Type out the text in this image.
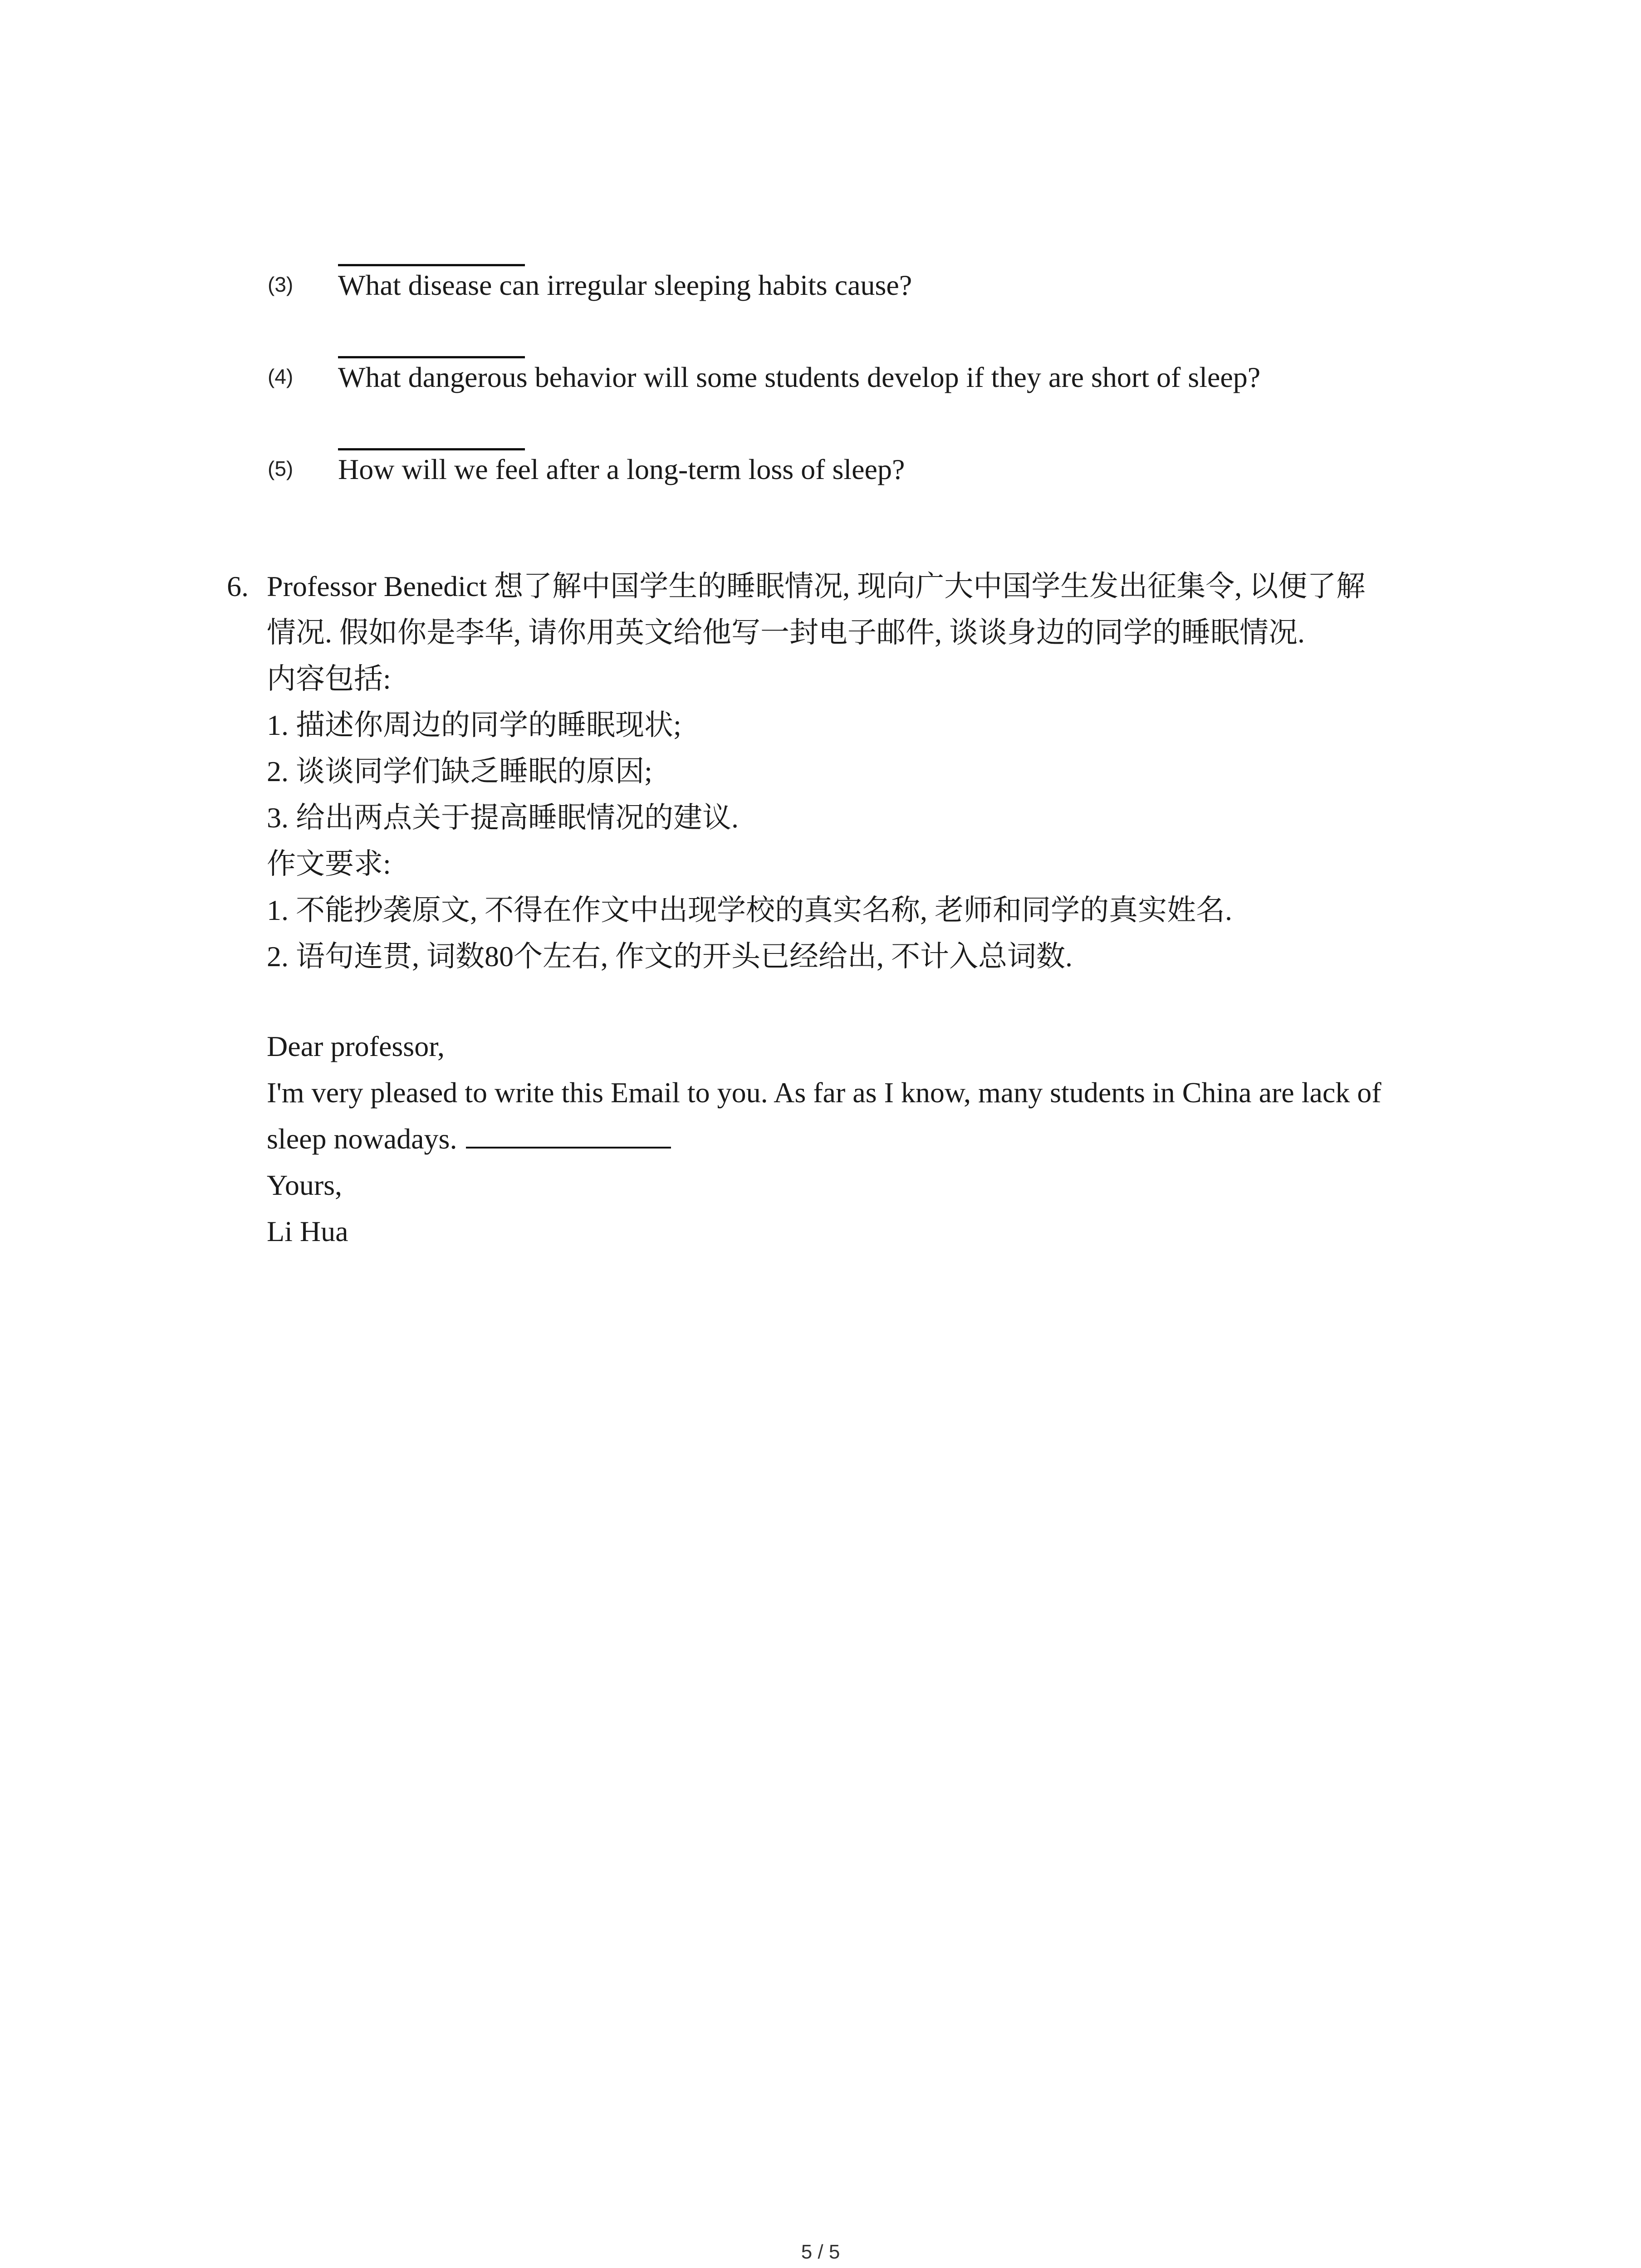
(3) What disease can irregular sleeping habits cause?
(4) What dangerous behavior will some students develop if they are short of sleep?
(5) How will we feel after a long-term loss of sleep?
6. Professor Benedict 想了解中国学生的睡眠情况, 现向广大中国学生发出征集令, 以便了解
情况. 假如你是李华, 请你用英文给他写一封电子邮件, 谈谈身边的同学的睡眠情况.
内容包括:
1. 描述你周边的同学的睡眠现状;
2. 谈谈同学们缺乏睡眠的原因;
3. 给出两点关于提高睡眠情况的建议.
作文要求:
1. 不能抄袭原文, 不得在作文中出现学校的真实名称, 老师和同学的真实姓名.
2. 语句连贯, 词数80个左右, 作文的开头已经给出, 不计入总词数.
Dear professor,
I'm very pleased to write this Email to you. As far as I know, many students in China are lack of
sleep nowadays.
Yours,
Li Hua
5 / 5
